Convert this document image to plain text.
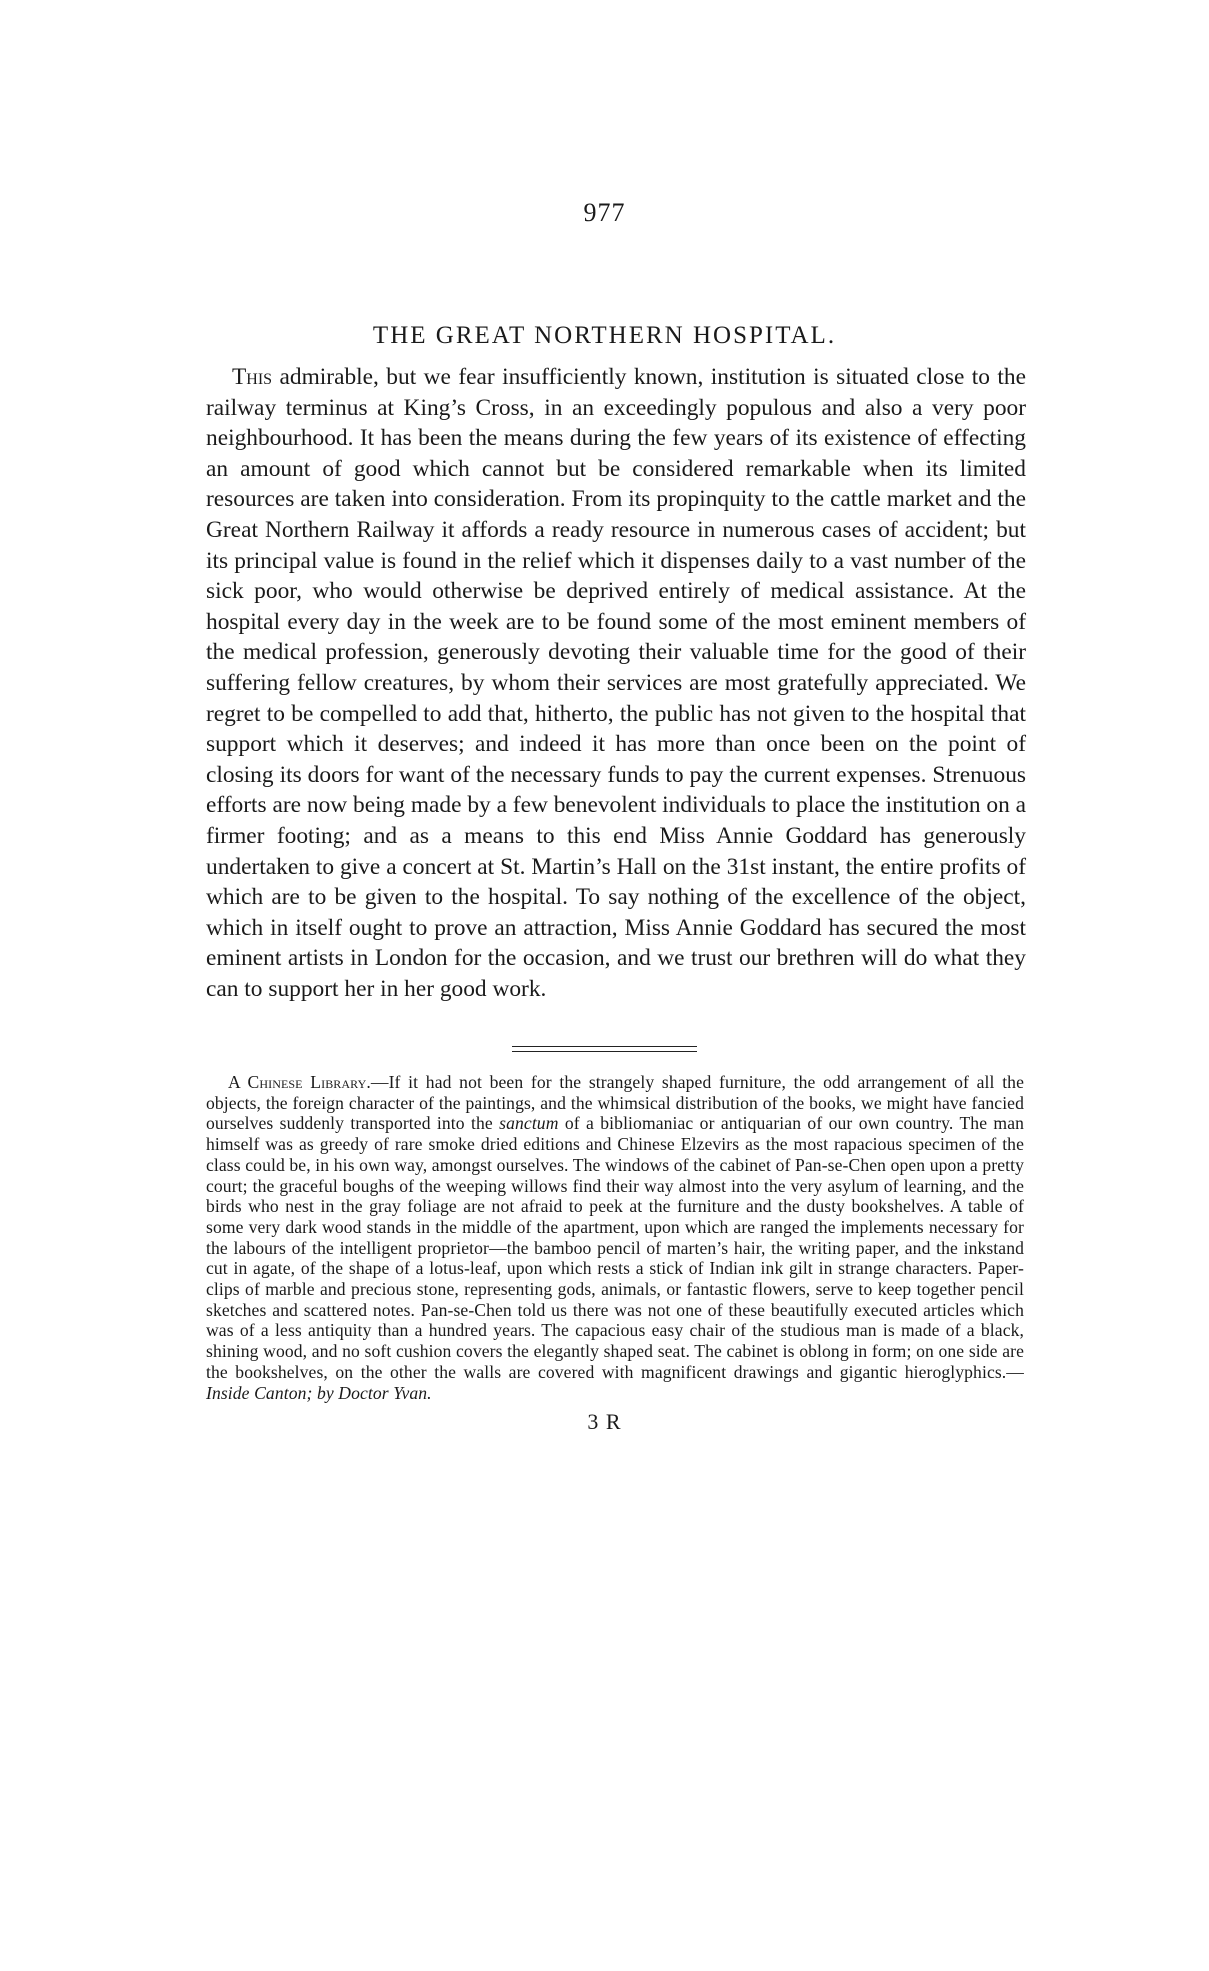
977
THE GREAT NORTHERN HOSPITAL.

This admirable, but we fear insufficiently known, institution is situated close to the railway terminus at King’s Cross, in an exceedingly populous and also a very poor neighbourhood. It has been the means during the few years of its existence of effecting an amount of good which cannot but be considered remarkable when its limited resources are taken into consideration. From its propinquity to the cattle market and the Great Northern Railway it affords a ready resource in numerous cases of accident; but its principal value is found in the relief which it dispenses daily to a vast number of the sick poor, who would otherwise be deprived entirely of medical assistance. At the hospital every day in the week are to be found some of the most eminent members of the medical profession, generously devoting their valuable time for the good of their suffering fellow creatures, by whom their services are most gratefully appreciated. We regret to be compelled to add that, hitherto, the public has not given to the hospital that support which it deserves; and indeed it has more than once been on the point of closing its doors for want of the necessary funds to pay the current expenses. Strenuous efforts are now being made by a few benevolent individuals to place the institution on a firmer footing; and as a means to this end Miss Annie Goddard has generously undertaken to give a concert at St. Martin’s Hall on the 31st instant, the entire profits of which are to be given to the hospital. To say nothing of the excellence of the object, which in itself ought to prove an attraction, Miss Annie Goddard has secured the most eminent artists in London for the occasion, and we trust our brethren will do what they can to support her in her good work.

A Chinese Library.—If it had not been for the strangely shaped furniture, the odd arrangement of all the objects, the foreign character of the paintings, and the whimsical distribution of the books, we might have fancied ourselves suddenly transported into the sanctum of a bibliomaniac or antiquarian of our own country. The man himself was as greedy of rare smoke dried editions and Chinese Elzevirs as the most rapacious specimen of the class could be, in his own way, amongst ourselves. The windows of the cabinet of Pan-se-Chen open upon a pretty court; the graceful boughs of the weeping willows find their way almost into the very asylum of learning, and the birds who nest in the gray foliage are not afraid to peek at the furniture and the dusty bookshelves. A table of some very dark wood stands in the middle of the apartment, upon which are ranged the implements necessary for the labours of the intelligent proprietor—the bamboo pencil of marten’s hair, the writing paper, and the inkstand cut in agate, of the shape of a lotus-leaf, upon which rests a stick of Indian ink gilt in strange characters. Paper-clips of marble and precious stone, representing gods, animals, or fantastic flowers, serve to keep together pencil sketches and scattered notes. Pan-se-Chen told us there was not one of these beautifully executed articles which was of a less antiquity than a hundred years. The capacious easy chair of the studious man is made of a black, shining wood, and no soft cushion covers the elegantly shaped seat. The cabinet is oblong in form; on one side are the bookshelves, on the other the walls are covered with magnificent drawings and gigantic hieroglyphics.— Inside Canton; by Doctor Yvan.

3 R
